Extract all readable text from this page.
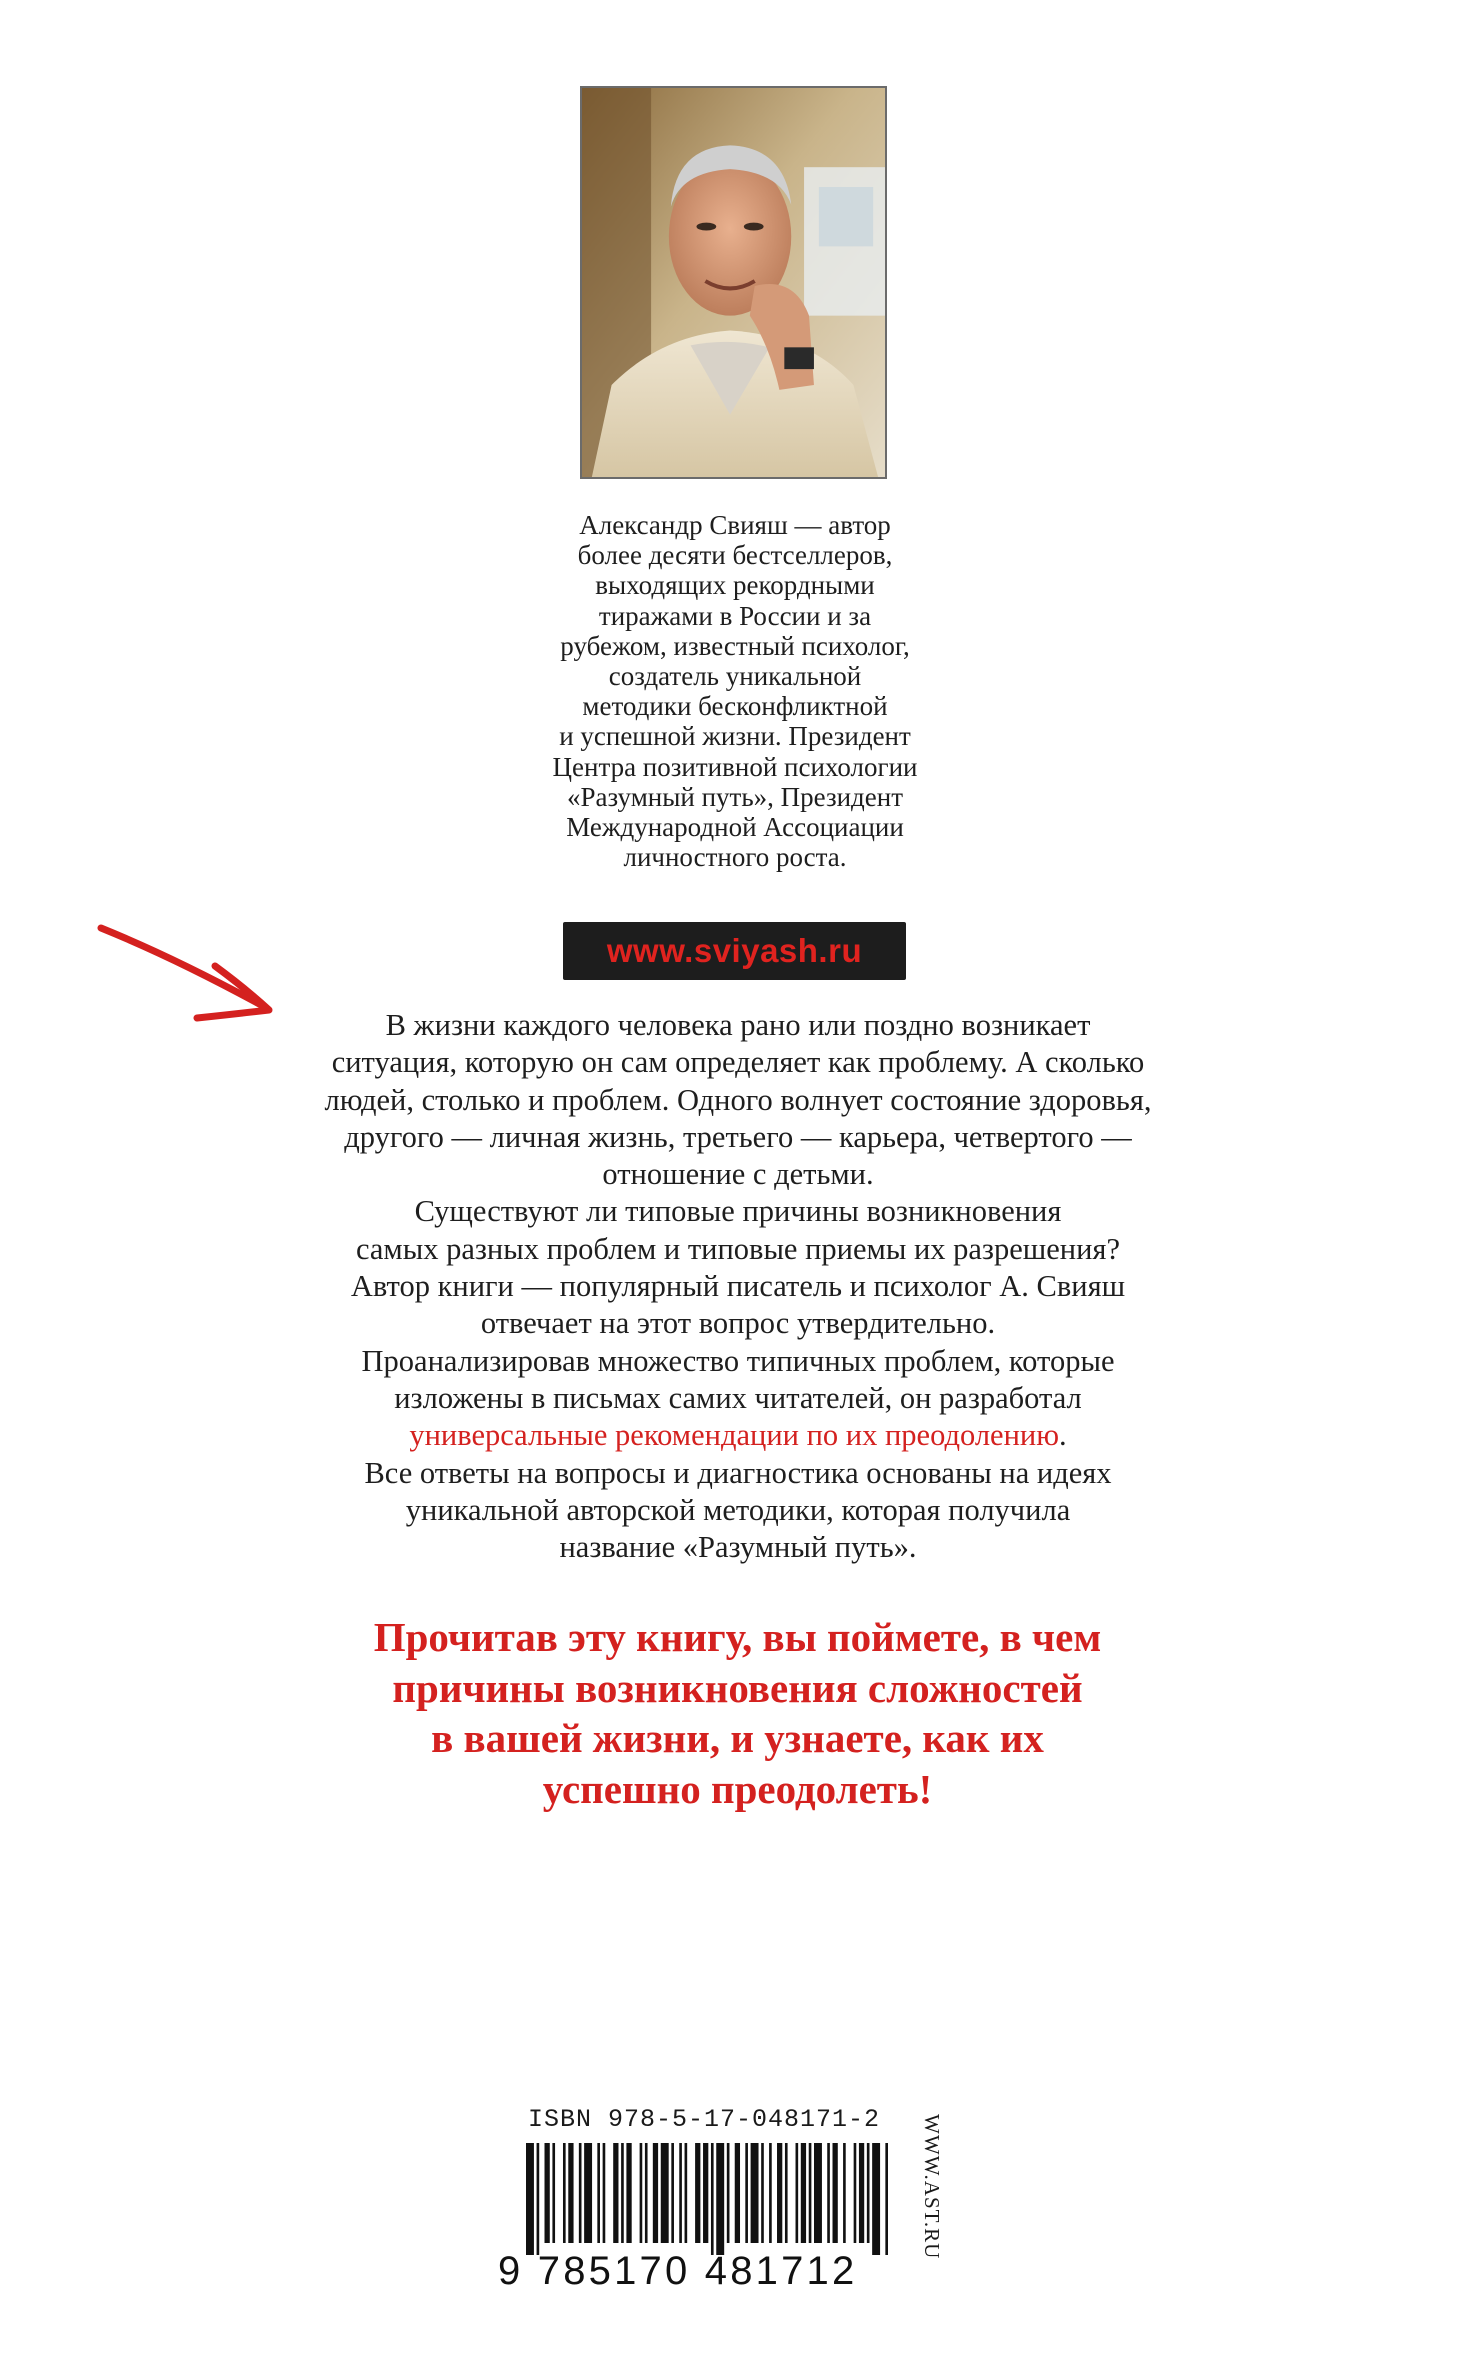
Александр Свияш — автор
более десяти бестселлеров,
выходящих рекордными
тиражами в России и за
рубежом, известный психолог,
создатель уникальной
методики бесконфликтной
и успешной жизни. Президент
Центра позитивной психологии
«Разумный путь», Президент
Международной Ассоциации
личностного роста.
www.sviyash.ru
В жизни каждого человека рано или поздно возникает
ситуация, которую он сам определяет как проблему. А сколько
людей, столько и проблем. Одного волнует состояние здоровья,
другого — личная жизнь, третьего — карьера, четвертого —
отношение с детьми.
Существуют ли типовые причины возникновения
самых разных проблем и типовые приемы их разрешения?
Автор книги — популярный писатель и психолог А. Свияш
отвечает на этот вопрос утвердительно.
Проанализировав множество типичных проблем, которые
изложены в письмах самих читателей, он разработал
универсальные рекомендации по их преодолению.
Все ответы на вопросы и диагностика основаны на идеях
уникальной авторской методики, которая получила
название «Разумный путь».
Прочитав эту книгу, вы поймете, в чем
причины возникновения сложностей
в вашей жизни, и узнаете, как их
успешно преодолеть!
ISBN 978-5-17-048171-2
9 785170 481712
WWW.AST.RU
